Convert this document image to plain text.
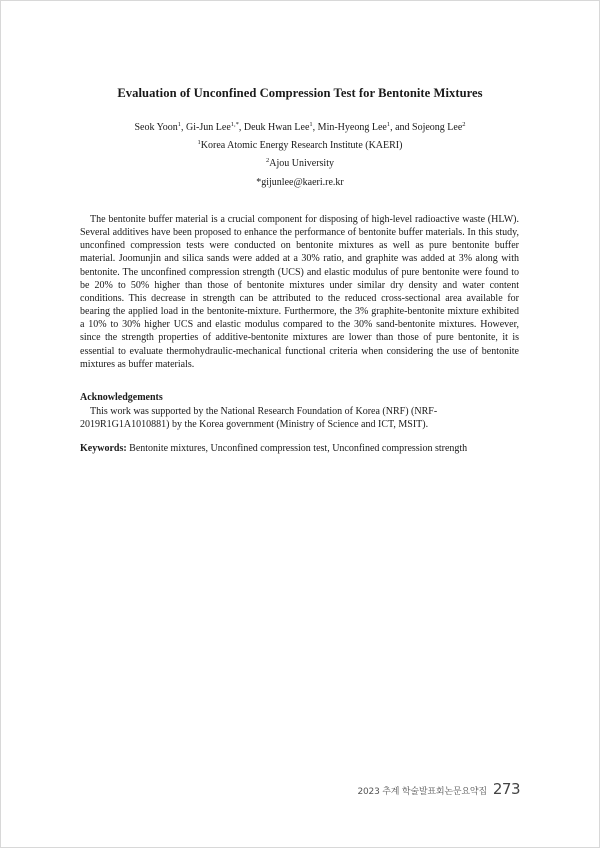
Evaluation of Unconfined Compression Test for Bentonite Mixtures
Seok Yoon$^1$, Gi-Jun Lee$^{1,*}$, Deuk Hwan Lee$^1$, Min-Hyeong Lee$^1$, and Sojeong Lee$^2$
$^1$Korea Atomic Energy Research Institute (KAERI)
$^2$Ajou University
*gijunlee@kaeri.re.kr

The bentonite buffer material is a crucial component for disposing of high-level radioactive waste (HLW). Several additives have been proposed to enhance the performance of bentonite buffer materials. In this study, unconfined compression tests were conducted on bentonite mixtures as well as pure bentonite buffer material. Joomunjin and silica sands were added at a 30% ratio, and graphite was added at 3% along with bentonite. The unconfined compression strength (UCS) and elastic modulus of pure bentonite were found to be 20% to 50% higher than those of bentonite mixtures under similar dry density and water content conditions. This decrease in strength can be attributed to the reduced cross-sectional area available for bearing the applied load in the bentonite-mixture. Furthermore, the 3% graphite-bentonite mixture exhibited a 10% to 30% higher UCS and elastic modulus compared to the 30% sand-bentonite mixtures. However, since the strength properties of additive-bentonite mixtures are lower than those of pure bentonite, it is essential to evaluate thermohydraulic-mechanical functional criteria when considering the use of bentonite mixtures as buffer materials.

Acknowledgements

This work was supported by the National Research Foundation of Korea (NRF) (NRF-2019R1G1A1010881) by the Korea government (Ministry of Science and ICT, MSIT).

Keywords: Bentonite mixtures, Unconfined compression test, Unconfined compression strength
2023 추계 학술발표회논문요약집 273
